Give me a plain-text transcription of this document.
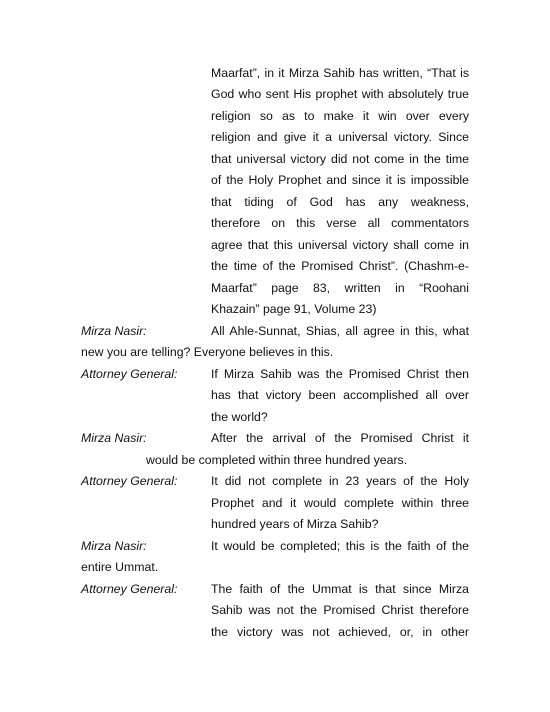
Maarfat”, in it Mirza Sahib has written, “That is
God who sent His prophet with absolutely true
religion so as to make it win over every
religion and give it a universal victory. Since
that universal victory did not come in the time
of the Holy Prophet and since it is impossible
that tiding of God has any weakness,
therefore on this verse all commentators
agree that this universal victory shall come in
the time of the Promised Christ”. (Chashm-e-
Maarfat” page 83, written in “Roohani
Khazain” page 91, Volume 23)
Mirza Nasir:	All Ahle-Sunnat, Shias, all agree in this, what
new you are telling? Everyone believes in this.
Attorney General:	If Mirza Sahib was the Promised Christ then
has that victory been accomplished all over
the world?
Mirza Nasir:	After the arrival of the Promised Christ it
would be completed within three hundred years.
Attorney General:	It did not complete in 23 years of the Holy
Prophet and it would complete within three
hundred years of Mirza Sahib?
Mirza Nasir:	It would be completed; this is the faith of the
entire Ummat.
Attorney General:	The faith of the Ummat is that since Mirza
Sahib was not the Promised Christ therefore
the victory was not achieved, or, in other
